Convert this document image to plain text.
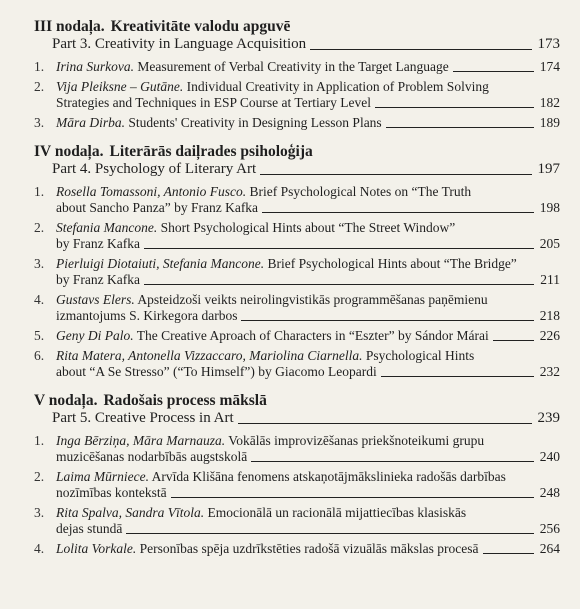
III nodaļa. Kreativitāte valodu apguvē
Part 3. Creativity in Language Acquisition	173
1. Irina Surkova. Measurement of Verbal Creativity in the Target Language	174
2. Vija Pleiksne – Gutāne. Individual Creativity in Application of Problem Solving
Strategies and Techniques in ESP Course at Tertiary Level	182
3. Māra Dirba. Students' Creativity in Designing Lesson Plans	189
IV nodaļa. Literārās daiļrades psiholoģija
Part 4. Psychology of Literary Art	197
1. Rosella Tomassoni, Antonio Fusco. Brief Psychological Notes on “The Truth
about Sancho Panza” by Franz Kafka	198
2. Stefania Mancone. Short Psychological Hints about “The Street Window”
by Franz Kafka	205
3. Pierluigi Diotaiuti, Stefania Mancone. Brief Psychological Hints about “The Bridge”
by Franz Kafka	211
4. Gustavs Elers. Apsteidzoši veikts neirolingvistikās programmēšanas paņēmienu
izmantojums S. Kirkegora darbos	218
5. Geny Di Palo. The Creative Aproach of Characters in “Eszter” by Sándor Márai	226
6. Rita Matera, Antonella Vizzaccaro, Mariolina Ciarnella. Psychological Hints
about “A Se Stresso” (“To Himself”) by Giacomo Leopardi	232
V nodaļa. Radošais process mākslā
Part 5. Creative Process in Art	239
1. Inga Bērziņa, Māra Marnauza. Vokālās improvizēšanas priekšnoteikumi grupu
muzicēšanas nodarbībās augstskolā	240
2. Laima Mūrniece. Arvīda Klišāna fenomens atskaņotājmākslinieka radošās darbības
nozīmības kontekstā	248
3. Rita Spalva, Sandra Vītola. Emocionālā un racionālā mijattiecības klasiskās
dejas stundā	256
4. Lolita Vorkale. Personības spēja uzdrīkstēties radošā vizuālās mākslas procesā	264
